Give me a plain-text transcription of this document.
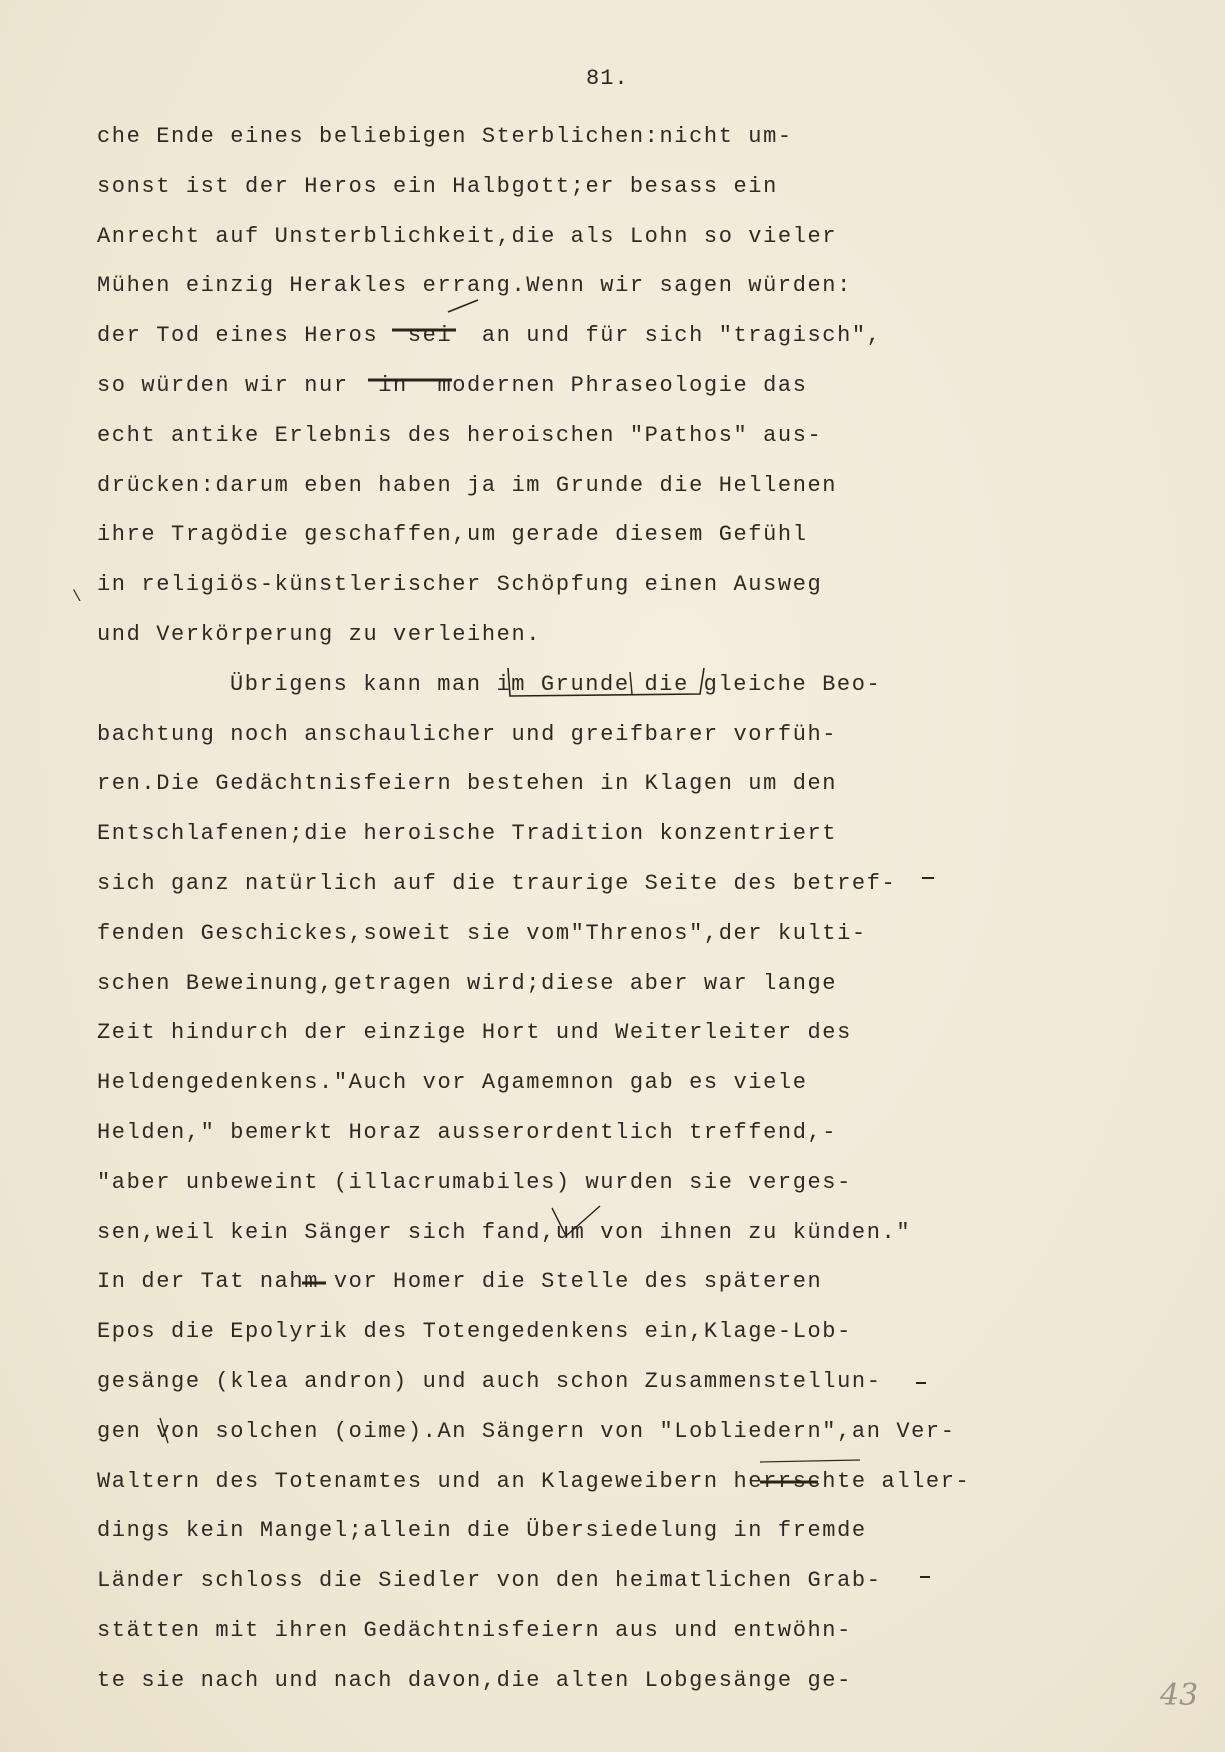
81.

che Ende eines beliebigen Sterblichen:nicht um-
sonst ist der Heros ein Halbgott;er besass ein
Anrecht auf Unsterblichkeit,die als Lohn so vieler
Mühen einzig Herakles errang.Wenn wir sagen würden:
der Tod eines Heros  sei  an und für sich "tragisch",
so würden wir nur  in  modernen Phraseologie das
echt antike Erlebnis des heroischen "Pathos" aus-
drücken:darum eben haben ja im Grunde die Hellenen
ihre Tragödie geschaffen,um gerade diesem Gefühl
in religiös-künstlerischer Schöpfung einen Ausweg
und Verkörperung zu verleihen.
Übrigens kann man im Grunde die gleiche Beo-
bachtung noch anschaulicher und greifbarer vorfüh-
ren.Die Gedächtnisfeiern bestehen in Klagen um den
Entschlafenen;die heroische Tradition konzentriert
sich ganz natürlich auf die traurige Seite des betref-
fenden Geschickes,soweit sie vom"Threnos",der kulti-
schen Beweinung,getragen wird;diese aber war lange
Zeit hindurch der einzige Hort und Weiterleiter des
Heldengedenkens."Auch vor Agamemnon gab es viele
Helden," bemerkt Horaz ausserordentlich treffend,-
"aber unbeweint (illacrumabiles) wurden sie verges-
sen,weil kein Sänger sich fand,um von ihnen zu künden."
In der Tat nahm vor Homer die Stelle des späteren
Epos die Epolyrik des Totengedenkens ein,Klage-Lob-
gesänge (klea andron) und auch schon Zusammenstellun-
gen von solchen (oime).An Sängern von "Lobliedern",an Ver-
Waltern des Totenamtes und an Klageweibern herrschte aller-
dings kein Mangel;allein die Übersiedelung in fremde
Länder schloss die Siedler von den heimatlichen Grab-
stätten mit ihren Gedächtnisfeiern aus und entwöhn-
te sie nach und nach davon,die alten Lobgesänge ge-
\

43
